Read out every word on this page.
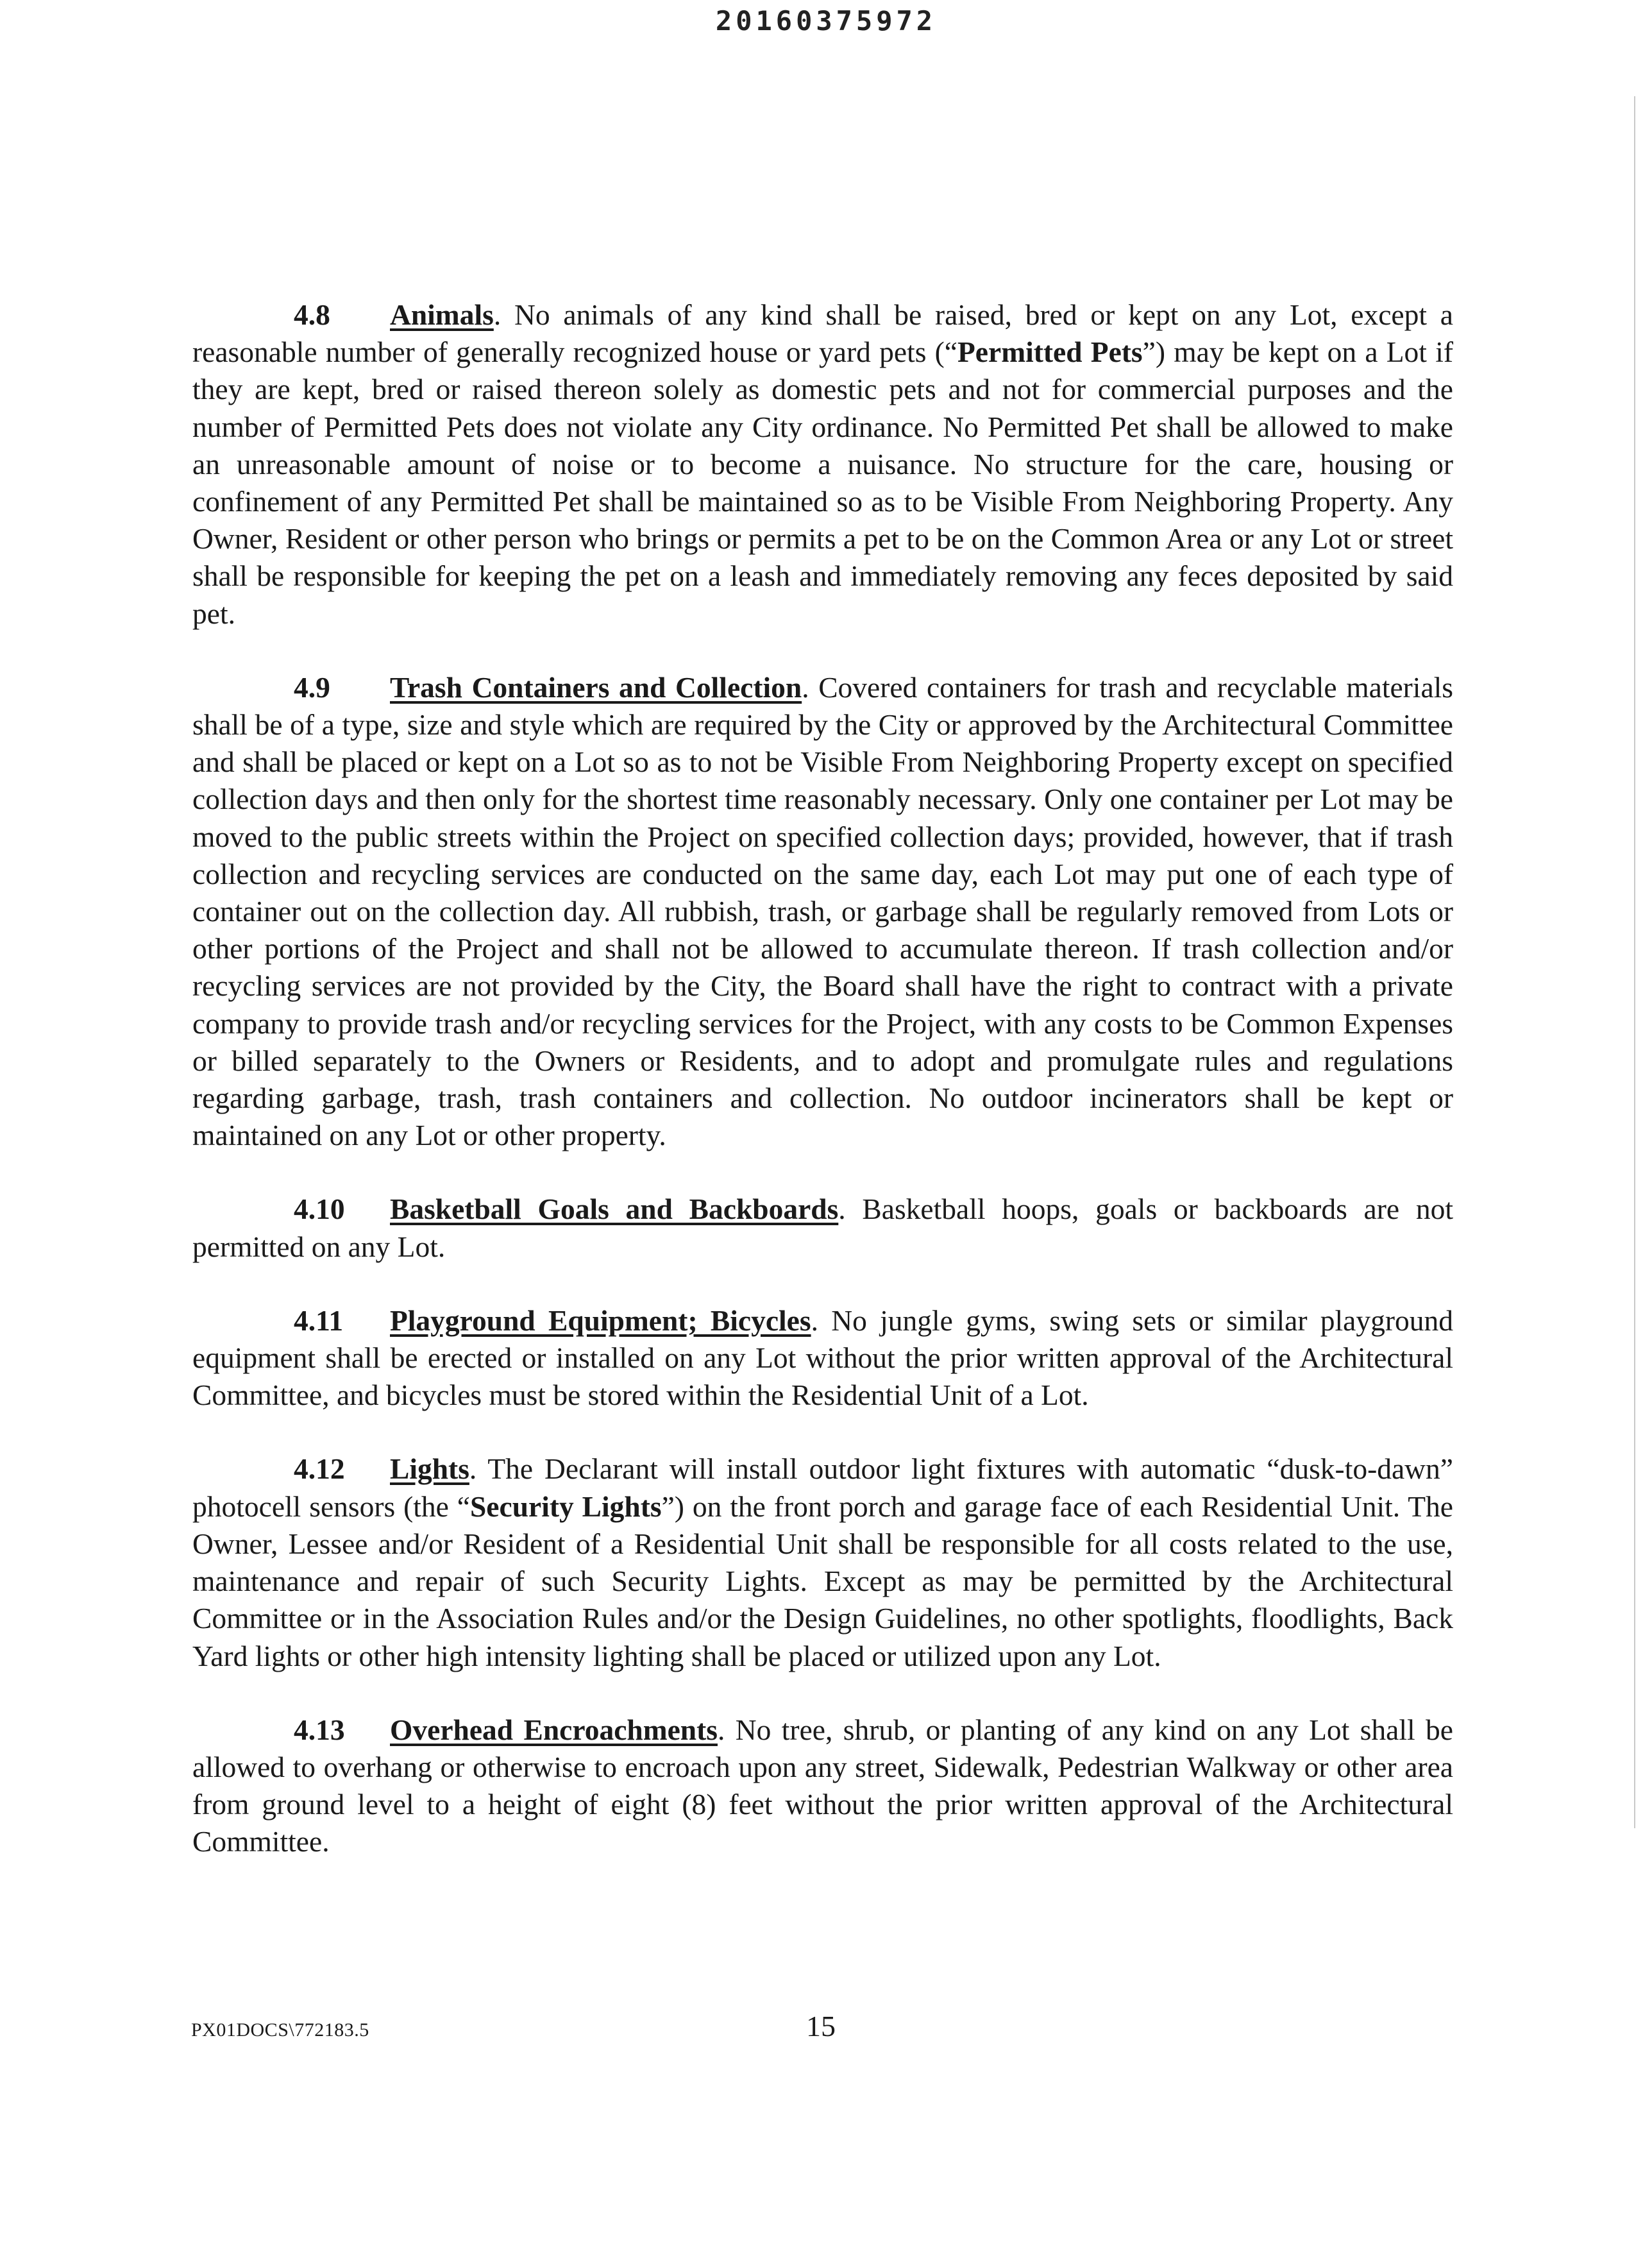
20160375972

4.8 Animals. No animals of any kind shall be raised, bred or kept on any Lot, except a reasonable number of generally recognized house or yard pets (“Permitted Pets”) may be kept on a Lot if they are kept, bred or raised thereon solely as domestic pets and not for commercial purposes and the number of Permitted Pets does not violate any City ordinance. No Permitted Pet shall be allowed to make an unreasonable amount of noise or to become a nuisance. No structure for the care, housing or confinement of any Permitted Pet shall be maintained so as to be Visible From Neighboring Property. Any Owner, Resident or other person who brings or permits a pet to be on the Common Area or any Lot or street shall be responsible for keeping the pet on a leash and immediately removing any feces deposited by said pet.

4.9 Trash Containers and Collection. Covered containers for trash and recyclable materials shall be of a type, size and style which are required by the City or approved by the Architectural Committee and shall be placed or kept on a Lot so as to not be Visible From Neighboring Property except on specified collection days and then only for the shortest time reasonably necessary. Only one container per Lot may be moved to the public streets within the Project on specified collection days; provided, however, that if trash collection and recycling services are conducted on the same day, each Lot may put one of each type of container out on the collection day. All rubbish, trash, or garbage shall be regularly removed from Lots or other portions of the Project and shall not be allowed to accumulate thereon. If trash collection and/or recycling services are not provided by the City, the Board shall have the right to contract with a private company to provide trash and/or recycling services for the Project, with any costs to be Common Expenses or billed separately to the Owners or Residents, and to adopt and promulgate rules and regulations regarding garbage, trash, trash containers and collection. No outdoor incinerators shall be kept or maintained on any Lot or other property.

4.10 Basketball Goals and Backboards. Basketball hoops, goals or backboards are not permitted on any Lot.

4.11 Playground Equipment; Bicycles. No jungle gyms, swing sets or similar playground equipment shall be erected or installed on any Lot without the prior written approval of the Architectural Committee, and bicycles must be stored within the Residential Unit of a Lot.

4.12 Lights. The Declarant will install outdoor light fixtures with automatic “dusk-to-dawn” photocell sensors (the “Security Lights”) on the front porch and garage face of each Residential Unit. The Owner, Lessee and/or Resident of a Residential Unit shall be responsible for all costs related to the use, maintenance and repair of such Security Lights. Except as may be permitted by the Architectural Committee or in the Association Rules and/or the Design Guidelines, no other spotlights, floodlights, Back Yard lights or other high intensity lighting shall be placed or utilized upon any Lot.

4.13 Overhead Encroachments. No tree, shrub, or planting of any kind on any Lot shall be allowed to overhang or otherwise to encroach upon any street, Sidewalk, Pedestrian Walkway or other area from ground level to a height of eight (8) feet without the prior written approval of the Architectural Committee.

PX01DOCS\772183.5	15
